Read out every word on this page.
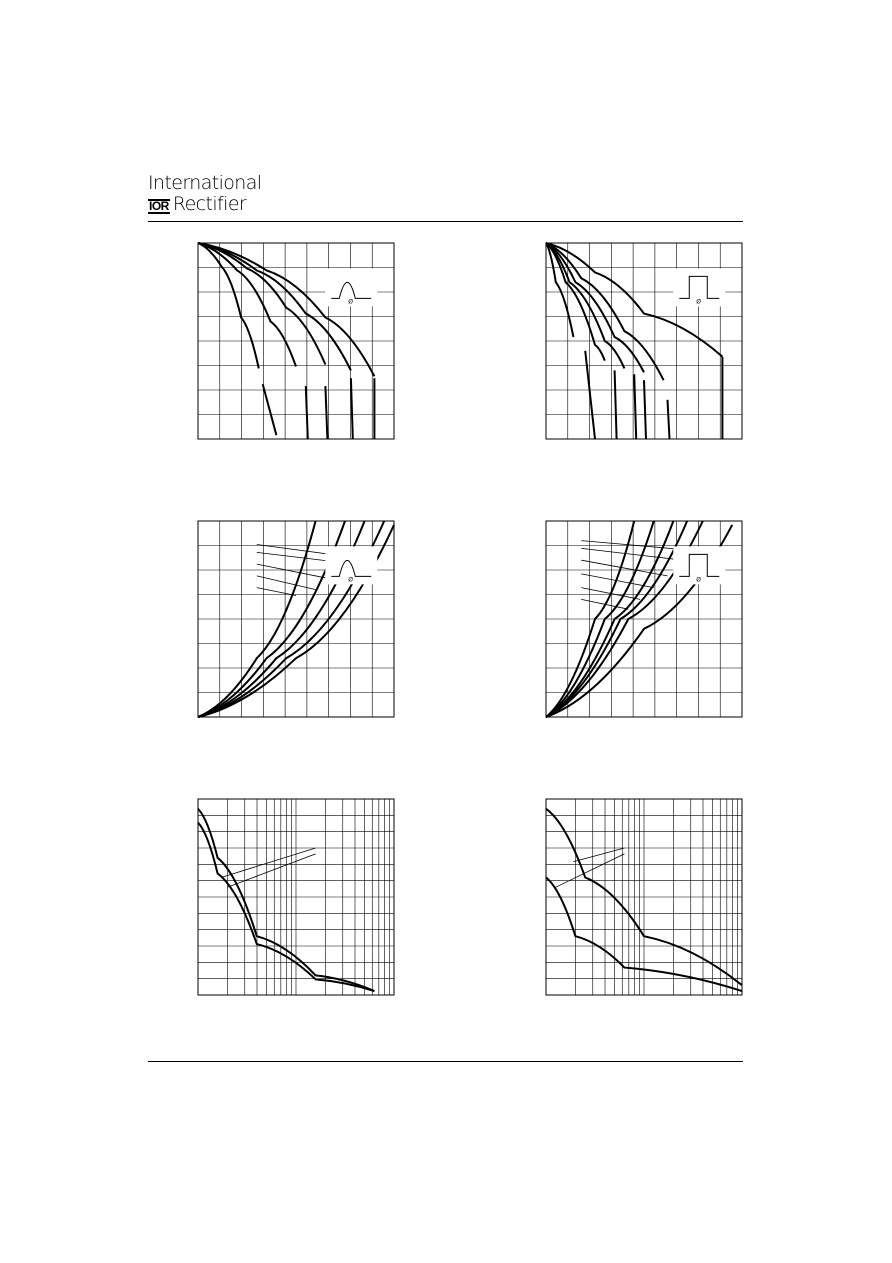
International
IOR Rectifier
Ø	Ø
Ø	Ø
